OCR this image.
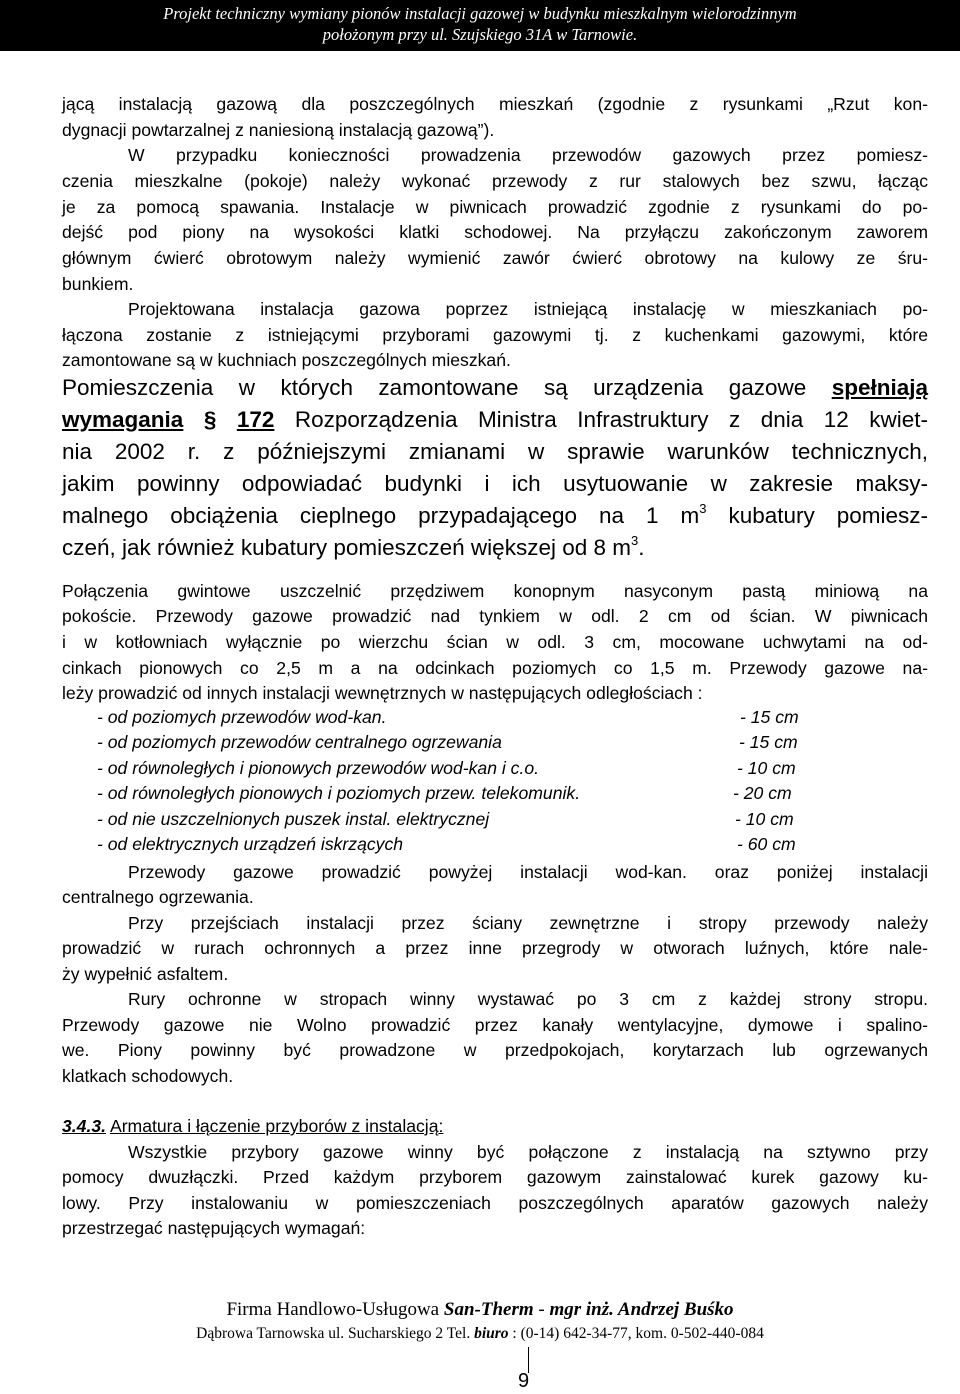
Projekt techniczny wymiany pionów instalacji gazowej w budynku mieszkalnym wielorodzinnym
położonym przy ul. Szujskiego 31A w Tarnowie.
jącą instalacją gazową dla poszczególnych mieszkań (zgodnie z rysunkami „Rzut kon-
dygnacji powtarzalnej z naniesioną instalacją gazową”).
W przypadku konieczności prowadzenia przewodów gazowych przez pomiesz-
czenia mieszkalne (pokoje) należy wykonać przewody z rur stalowych bez szwu, łącząc
je za pomocą spawania. Instalacje w piwnicach prowadzić zgodnie z rysunkami do po-
dejść pod piony na wysokości klatki schodowej. Na przyłączu zakończonym zaworem
głównym ćwierć obrotowym należy wymienić zawór ćwierć obrotowy na kulowy ze śru-
bunkiem.
Projektowana instalacja gazowa poprzez istniejącą instalację w mieszkaniach po-
łączona zostanie z istniejącymi przyborami gazowymi tj. z kuchenkami gazowymi, które
zamontowane są w kuchniach poszczególnych mieszkań.
Pomieszczenia w których zamontowane są urządzenia gazowe spełniają
wymagania § 172 Rozporządzenia Ministra Infrastruktury z dnia 12 kwiet-
nia 2002 r. z późniejszymi zmianami w sprawie warunków technicznych,
jakim powinny odpowiadać budynki i ich usytuowanie w zakresie maksy-
malnego obciążenia cieplnego przypadającego na 1 $m^3$ kubatury pomiesz-
czeń, jak również kubatury pomieszczeń większej od 8 $m^3$.
Połączenia gwintowe uszczelnić przędziwem konopnym nasyconym pastą miniową na
pokoście. Przewody gazowe prowadzić nad tynkiem w odl. 2 cm od ścian. W piwnicach
i w kotłowniach wyłącznie po wierzchu ścian w odl. 3 cm, mocowane uchwytami na od-
cinkach pionowych co 2,5 m a na odcinkach poziomych co 1,5 m. Przewody gazowe na-
leży prowadzić od innych instalacji wewnętrznych w następujących odległościach :
- od poziomych przewodów wod-kan.	- 15 cm
- od poziomych przewodów centralnego ogrzewania	- 15 cm
- od równoległych i pionowych przewodów wod-kan i c.o.	- 10 cm
- od równoległych pionowych i poziomych przew. telekomunik.	- 20 cm
- od nie uszczelnionych puszek instal. elektrycznej	- 10 cm
- od elektrycznych urządzeń iskrzących	- 60 cm
Przewody gazowe prowadzić powyżej instalacji wod-kan. oraz poniżej instalacji
centralnego ogrzewania.
Przy przejściach instalacji przez ściany zewnętrzne i stropy przewody należy
prowadzić w rurach ochronnych a przez inne przegrody w otworach luźnych, które nale-
ży wypełnić asfaltem.
Rury ochronne w stropach winny wystawać po 3 cm z każdej strony stropu.
Przewody gazowe nie Wolno prowadzić przez kanały wentylacyjne, dymowe i spalino-
we. Piony powinny być prowadzone w przedpokojach, korytarzach lub ogrzewanych
klatkach schodowych.
3.4.3. Armatura i łączenie przyborów z instalacją:
Wszystkie przybory gazowe winny być połączone z instalacją na sztywno przy
pomocy dwuzłączki. Przed każdym przyborem gazowym zainstalować kurek gazowy ku-
lowy. Przy instalowaniu w pomieszczeniach poszczególnych aparatów gazowych należy
przestrzegać następujących wymagań:
Firma Handlowo-Usługowa San-Therm - mgr inż. Andrzej Buśko
Dąbrowa Tarnowska ul. Sucharskiego 2 Tel. biuro : (0-14) 642-34-77, kom. 0-502-440-084
9
